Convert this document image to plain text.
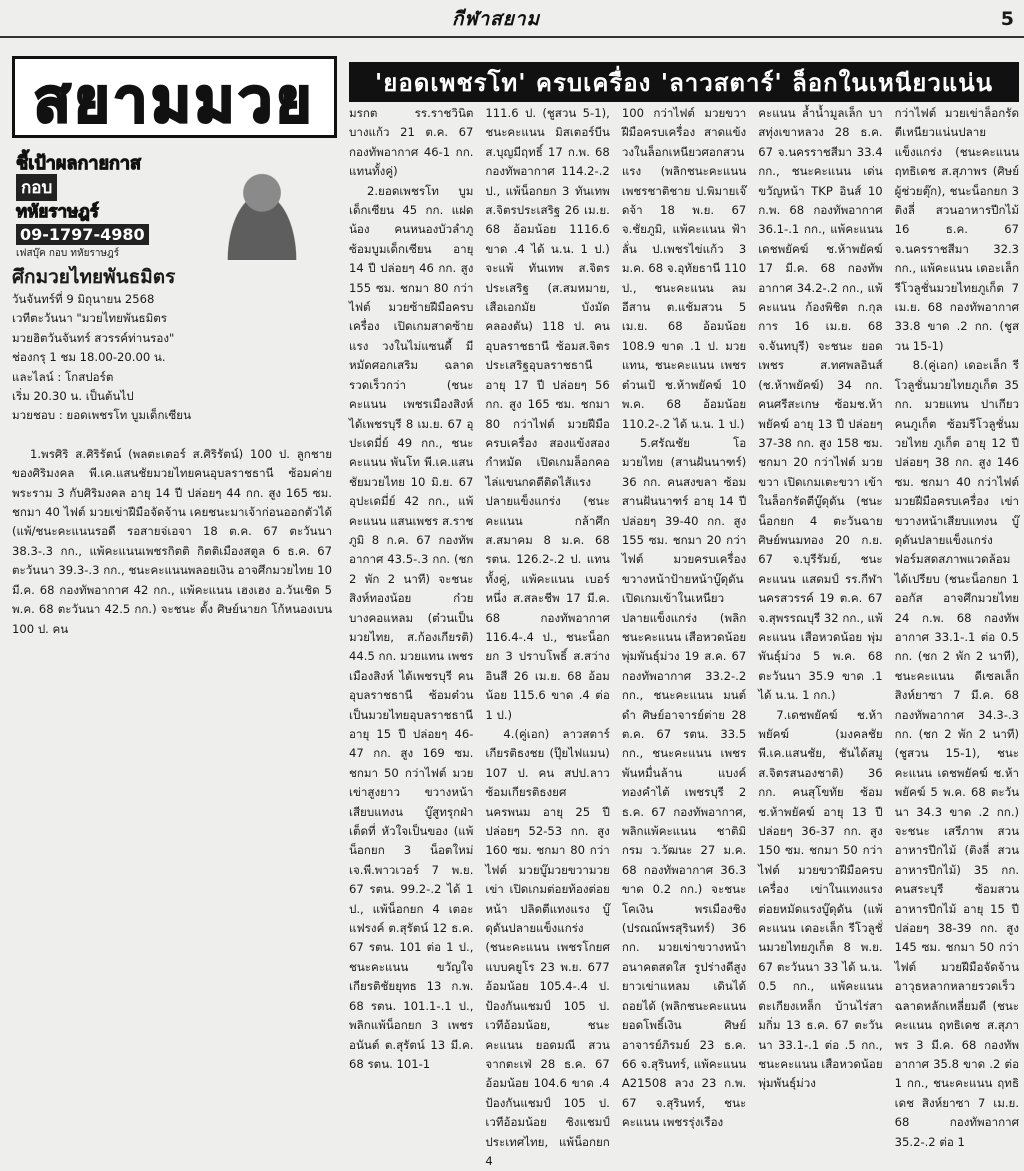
กีฬาสยาม	5
สยามมวย
ชี้เป้าผลกายกาส
กอบ
ทหัยราษฎร์
09-1797-4980
เฟสบุ๊ค กอบ ทหัยราษฎร์
ศึกมวยไทยพันธมิตร

วันจันทร์ที่ 9 มิถุนายน 2568

เวทีตะวันนา "มวยไทยพันธมิตร

มวยฮิตวันจันทร์ สวรรค์ท่านรอง"

ช่องกรุ 1 ชม 18.00-20.00 น.

และไลน์ : โกสปอร์ต

เริ่ม 20.30 น. เป็นต้นไป

มวยชอบ : ยอดเพชรโท บูมเด็กเซียน

1.พรศิริ ส.ศิริรัตน์ (พลตะเตอร์ ส.ศิริรัตน์) 100 ป. ลูกชายของศิริมงคล พี.เค.แสนชัยมวยไทยคนอุบลราชธานี ซ้อมค่ายพระราม 3 กับศิริมงคล อายุ 14 ปี ปล่อยๆ 44 กก. สูง 165 ซม. ชกมา 40 ไฟต์ มวยเข่าฝีมือจัดจ้าน เคยชนะมาเจ้าก่อนออกตัวได้ (แพ้/ชนะคะแนนรอดี รอสายจ่เอจา 18 ต.ค. 67 ตะวันนา 38.3-.3 กก., แพ้คะแนนเพชรกิตติ กิตติเมืองสตูล 6 ธ.ค. 67 ตะวันนา 39.3-.3 กก., ชนะคะแนนพลอยเงิน อาจศึกมวยไทย 10 มี.ค. 68 กองทัพอากาศ 42 กก., แพ้คะแนน เฮงเฮง อ.วันเชิด 5 พ.ค. 68 ตะวันนา 42.5 กก.) จะชนะ ตั้ง ศิษย์นายก โก้หนองเบน 100 ป. คน

'ยอดเพชรโท' ครบเครื่อง 'ลาวสตาร์' ล็อกในเหนียวแน่น

มรกต รร.ราชวินิตบางแก้ว 21 ต.ค. 67 กองทัพอากาศ 46-1 กก. แทนทั้งคู่)

2.ยอดเพชรโท บูมเด็กเซียน 45 กก. แฝดน้อง คนหนองบัวลำภู ซ้อมบูมเด็กเซียน อายุ 14 ปี ปล่อยๆ 46 กก. สูง 155 ซม. ชกมา 80 กว่าไฟต์ มวยซ้ายฝีมือครบเครื่อง เปิดเกมสาดซ้ายแรง วงในไม่แซนดี้ มีหมัดศอกเสริม ฉลาดรวดเร็วกว่า (ชนะคะแนน เพชรเมืองสิงห์ ได้เพชรบุรี 8 เม.ย. 67 อุปะเดมี่ย์ 49 กก., ชนะคะแนน พันโท พี.เค.แสนชัยมวยไทย 10 มิ.ย. 67 อุปะเดมี่ย์ 42 กก., แพ้คะแนน แสนเพชร ส.ราชภูมิ 8 ก.ค. 67 กองทัพอากาศ 43.5-.3 กก. (ชก 2 พัก 2 นาที) จะชนะ สิงห์ทองน้อย ก๋วยบางคอแหลม (ต๋วนเป็นมวยไทย, ส.ก้องเกียรติ) 44.5 กก. มวยแทน เพชรเมืองสิงห์ ได้เพชรบุรี คนอุบลราชธานี ซ้อมต๋วนเป็นมวยไทยอุบลราชธานี อายุ 15 ปี ปล่อยๆ 46-47 กก. สูง 169 ซม. ชกมา 50 กว่าไฟต์ มวยเข่าสูงยาว ขวางหน้าเสียบแทงน บู๊สูทรุกฝ่าเต็ดที่ หัวใจเป็นของ (แพ้น็อกยก 3 น็อตใหม่ เจ.พี.พาวเวอร์ 7 พ.ย. 67 รตน. 99.2-.2 ได้ 1 ป., แพ้น็อกยก 4 เตอะแฟรงค์ ต.สุรัตน์ 12 ธ.ค. 67 รตน. 101 ต่อ 1 ป., ชนะคะแนน ขวัญใจ เกียรติชัยยุทธ 13 ก.พ. 68 รตน. 101.1-.1 ป., พลิกแพ้น็อกยก 3 เพชรอนันต์ ต.สุรัตน์ 13 มี.ค. 68 รตน. 101-1

111.6 ป. (ชูสวน 5-1), ชนะคะแนน มิสเตอร์บีน ส.บุญมีฤทธิ์ 17 ก.พ. 68 กองทัพอากาศ 114.2-.2 ป., แพ้น็อกยก 3 ทันเทพ ส.จิตรประเสริฐ 26 เม.ย. 68 อ้อมน้อย 1116.6 ขาด .4 ได้ น.น. 1 ป.) จะแพ้ ทันเทพ ส.จิตรประเสริฐ (ส.สมหมาย, เสือเอกมัย บังมัดคลองตัน) 118 ป. คนอุบลราชธานี ซ้อมส.จิตรประเสริฐอุบลราชธานี อายุ 17 ปี ปล่อยๆ 56 กก. สูง 165 ซม. ชกมา 80 กว่าไฟต์ มวยฝีมือครบเครื่อง สองแข้งสองกำหมัด เปิดเกมล็อกคอไล่แขนกดตีติดไส้แรงปลายแข็งแกร่ง (ชนะคะแนน กล้าศึก ส.สมาคม 8 ม.ค. 68 รตน. 126.2-.2 ป. แทนทั้งคู่, แพ้คะแนน เบอร์หนึ่ง ส.สละชีพ 17 มี.ค. 68 กองทัพอากาศ 116.4-.4 ป., ชนะน็อกยก 3 ปราบโพธิ์ ส.สว่างอินสี 26 เม.ย. 68 อ้อมน้อย 115.6 ขาด .4 ต่อ 1 ป.)

4.(คู่เอก) ลาวสตาร์ เกียรติธงชย (ปุ๊ยไฟแมน) 107 ป. คน สปป.ลาว ซ้อมเกียรติธงยศ นครพนม อายุ 25 ปี ปล่อยๆ 52-53 กก. สูง 160 ซม. ชกมา 80 กว่าไฟต์ มวยบู๊มวยขวามวยเข่า เปิดเกมต่อยท้องต่อยหน้า ปลิดตีแทงแรง บู๊ดุดันปลายแข็งแกร่ง (ชนะคะแนน เพชรโกยศ แบบคยูโร 23 พ.ย. 677 อ้อมน้อย 105.4-.4 ป. ป้องกันแชมป์ 105 ป. เวทีอ้อมน้อย, ชนะคะแนน ยอดมณี สวนจากตะเฟ่ 28 ธ.ค. 67 อ้อมน้อย 104.6 ขาด .4 ป้องกันแชมป์ 105 ป. เวทีอ้อมน้อย ซิงแชมป์ประเทศไทย, แพ้น็อกยก 4

100 กว่าไฟต์ มวยขวาฝีมือครบเครื่อง สาดแข้งวงในล็อกเหนียวศอกสวนแรง (พลิกชนะคะแนน เพชรชาติชาย ป.พิมายเจ๊ดจ้า 18 พ.ย. 67 จ.ชัยภูมิ, แพ้คะแนน ฟ้าลั่น ป.เพชรไข่แก้ว 3 ม.ค. 68 จ.อุทัยธานี 110 ป., ชนะคะแนน ลมอีสาน ต.แช้มสวน 5 เม.ย. 68 อ้อมน้อย 108.9 ขาด .1 ป. มวยแทน, ชนะคะแนน เพชรต๋วนเป้ ช.ห้าพยัคฆ์ 10 พ.ค. 68 อ้อมน้อย 110.2-.2 ได้ น.น. 1 ป.)

5.ศรัณชัย โอมวยไทย (สานฝันนาฑร์) 36 กก. คนสงขลา ซ้อมสานฝันนาฑร์ อายุ 14 ปี ปล่อยๆ 39-40 กก. สูง 155 ซม. ชกมา 20 กว่าไฟต์ มวยครบเครื่องขวางหน้าป้ายหน้าบู๊ดุดัน เปิดเกมเข้าในเหนียวปลายแข็งแกร่ง (พลิกชนะคะแนน เสือหวดน้อย พุ่มพันธุ์ม่วง 19 ส.ค. 67 กองทัพอากาศ 33.2-.2 กก., ชนะคะแนน มนต์ดำ ศิษย์อาจารย์ต่าย 28 ต.ค. 67 รตน. 33.5 กก., ชนะคะแนน เพชรพันหมื่นล้าน แบงค์ทองคำไต้ เพชรบุรี 2 ธ.ค. 67 กองทัพอากาศ, พลิกแพ้คะแนน ชาติมิกรม ว.วัฒนะ 27 ม.ค. 68 กองทัพอากาศ 36.3 ขาด 0.2 กก.) จะชนะ โคเงิน พรเมืองชิง (ปรณณ์พรสุรินทร์) 36 กก. มวยเข่าขวางหน้า อนาคตสดใส รูปร่างดีสูงยาวเข่าแหลม เดินได้ถอยได้ (พลิกชนะคะแนน ยอดโพธิ์เงิน ศิษย์อาจารย์ภิรมย์ 23 ธ.ค. 66 จ.สุรินทร์, แพ้คะแนน A21508 ลวง 23 ก.พ. 67 จ.สุรินทร์, ชนะคะแนน เพชรรุ่งเรือง

คะแนน ล้ำน้ำมูลเล็ก บาสทุ่งเขาหลวง 28 ธ.ค. 67 จ.นครราชสีมา 33.4 กก., ชนะคะแนน เด่นขวัญหน้า TKP อินส์ 10 ก.พ. 68 กองทัพอากาศ 36.1-.1 กก., แพ้คะแนน เดชพยัคฆ์ ช.ห้าพยัคฆ์ 17 มี.ค. 68 กองทัพอากาศ 34.2-.2 กก., แพ้คะแนน ก้องพิชิต ก.กุลการ 16 เม.ย. 68 จ.จันทบุรี) จะชนะ ยอดเพชร ส.ทศพลอินส์ (ช.ห้าพยัคฆ์) 34 กก. คนศรีสะเกษ ซ้อมช.ห้าพยัคฆ์ อายุ 13 ปี ปล่อยๆ 37-38 กก. สูง 158 ซม. ชกมา 20 กว่าไฟต์ มวยขวา เปิดเกมเตะขวา เข้าในล็อกรัดตีบู๊ดุดัน (ชนะน็อกยก 4 ตะวันฉาย ศิษย์พนมทอง 20 ก.ย. 67 จ.บุรีรัมย์, ชนะคะแนน แสดมป์ รร.กีฬานครสวรรค์ 19 ต.ค. 67 จ.สุพรรณบุรี 32 กก., แพ้คะแนน เสือหวดน้อย พุ่มพันธุ์ม่วง 5 พ.ค. 68 ตะวันนา 35.9 ขาด .1 ได้ น.น. 1 กก.)

7.เดชพยัคฆ์ ช.ห้าพยัคฆ์ (มงคลชัย พี.เค.แสนชัย, ชันได้สมู ส.จิตรสนองชาติ) 36 กก. คนสุโขทัย ซ้อมช.ห้าพยัคฆ์ อายุ 13 ปี ปล่อยๆ 36-37 กก. สูง 150 ซม. ชกมา 50 กว่าไฟต์ มวยขวาฝีมือครบเครื่อง เข่าในแทงแรง ต่อยหมัดแรงบู๊ดุดัน (แพ้คะแนน เดอะเล็ก รีโวลูชั่นมวยไทยภูเก็ต 8 พ.ย. 67 ตะวันนา 33 ได้ น.น. 0.5 กก., แพ้คะแนน ตะเกียงเหล็ก บ้านไร่สามกิ่ม 13 ธ.ค. 67 ตะวันนา 33.1-.1 ต่อ .5 กก., ชนะคะแนน เสือหวดน้อย พุ่มพันธุ์ม่วง

กว่าไฟต์ มวยเข่าล็อกรัดตีเหนียวแน่นปลายแข็งแกร่ง (ชนะคะแนน ฤทธิเดช ส.สุภาพร (ศิษย์ผู้ช่วยตุ๊ก), ชนะน็อกยก 3 ติงลี่ สวนอาหารปีกไม้ 16 ธ.ค. 67 จ.นครราชสีมา 32.3 กก., แพ้คะแนน เดอะเล็ก รีโวลูชั่นมวยไทยภูเก็ต 7 เม.ย. 68 กองทัพอากาศ 33.8 ขาด .2 กก. (ชูสวน 15-1)

8.(คู่เอก) เดอะเล็ก รีโวลูชั่นมวยไทยภูเก็ต 35 กก. มวยแทน ปาเกียว คนภูเก็ต ซ้อมรีโวลูชั่นมวยไทย ภูเก็ต อายุ 12 ปี ปล่อยๆ 38 กก. สูง 146 ซม. ชกมา 40 กว่าไฟต์ มวยฝีมือครบเครื่อง เข่าขวางหน้าเสียบแทงน บู๊ดุดันปลายแข็งแกร่ง ฟอร์มสดสภาพแวดล้อมได้เปรียบ (ชนะน็อกยก 1 ออกัส อาจศึกมวยไทย 24 ก.พ. 68 กองทัพอากาศ 33.1-.1 ต่อ 0.5 กก. (ชก 2 พัก 2 นาที), ชนะคะแนน ดีเซลเล็ก สิงห์ยาซา 7 มี.ค. 68 กองทัพอากาศ 34.3-.3 กก. (ชก 2 พัก 2 นาที) (ชูสวน 15-1), ชนะคะแนน เดชพยัคฆ์ ช.ห้าพยัคฆ์ 5 พ.ค. 68 ตะวันนา 34.3 ขาด .2 กก.) จะชนะ เสรีภาพ สวนอาหารปีกไม้ (ติงลี่ สวนอาหารปีกไม้) 35 กก. คนสระบุรี ซ้อมสวนอาหารปีกไม้ อายุ 15 ปี ปล่อยๆ 38-39 กก. สูง 145 ซม. ชกมา 50 กว่าไฟต์ มวยฝีมือจัดจ้าน อาวุธหลากหลายรวดเร็ว ฉลาดหลักเหลี่ยมดี (ชนะคะแนน ฤทธิเดช ส.สุภาพร 3 มี.ค. 68 กองทัพอากาศ 35.8 ขาด .2 ต่อ 1 กก., ชนะคะแนน ฤทธิเดช สิงห์ยาซา 7 เม.ย. 68 กองทัพอากาศ 35.2-.2 ต่อ 1
